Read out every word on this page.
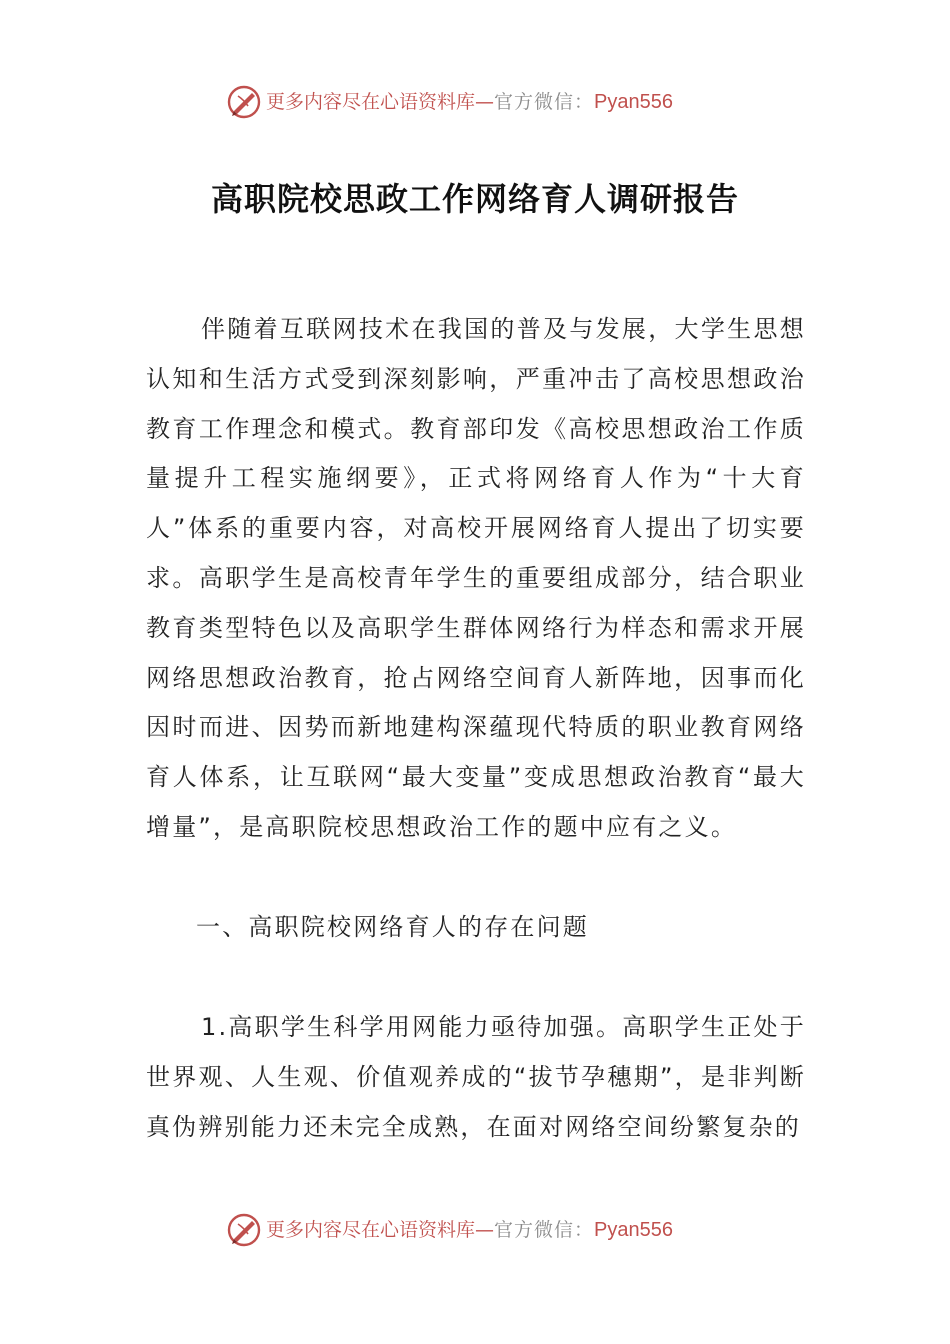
更多内容尽在心语资料库—官方微信：Pyan556
高职院校思政工作网络育人调研报告
伴随着互联网技术在我国的普及与发展，大学生思想认知和生活方式受到深刻影响，严重冲击了高校思想政治教育工作理念和模式。教育部印发《高校思想政治工作质量提升工程实施纲要》，正式将网络育人作为“十大育人”体系的重要内容，对高校开展网络育人提出了切实要求。高职学生是高校青年学生的重要组成部分，结合职业教育类型特色以及高职学生群体网络行为样态和需求开展网络思想政治教育，抢占网络空间育人新阵地，因事而化因时而进、因势而新地建构深蕴现代特质的职业教育网络育人体系，让互联网“最大变量”变成思想政治教育“最大增量”，是高职院校思想政治工作的题中应有之义。
一、高职院校网络育人的存在问题
1.高职学生科学用网能力亟待加强。高职学生正处于世界观、人生观、价值观养成的“拔节孕穗期”，是非判断真伪辨别能力还未完全成熟，在面对网络空间纷繁复杂的
更多内容尽在心语资料库—官方微信：Pyan556
